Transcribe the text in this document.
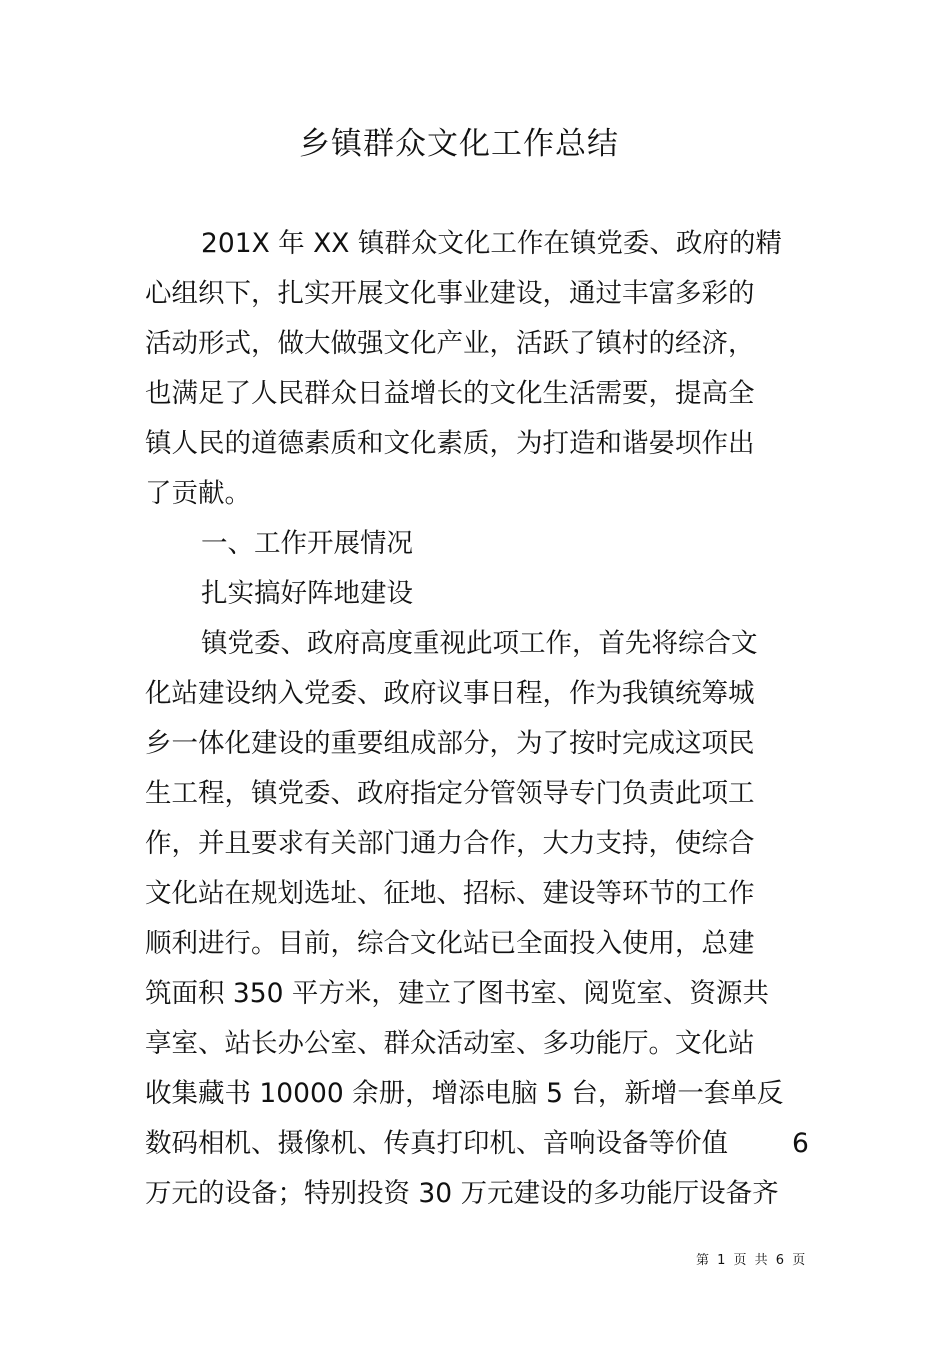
乡镇群众文化工作总结
201X 年 XX 镇群众文化工作在镇党委、政府的精
心组织下，扎实开展文化事业建设，通过丰富多彩的
活动形式，做大做强文化产业，活跃了镇村的经济，
也满足了人民群众日益增长的文化生活需要，提高全
镇人民的道德素质和文化素质，为打造和谐晏坝作出
了贡献。
一、工作开展情况
扎实搞好阵地建设
镇党委、政府高度重视此项工作，首先将综合文
化站建设纳入党委、政府议事日程，作为我镇统筹城
乡一体化建设的重要组成部分，为了按时完成这项民
生工程，镇党委、政府指定分管领导专门负责此项工
作，并且要求有关部门通力合作，大力支持，使综合
文化站在规划选址、征地、招标、建设等环节的工作
顺利进行。目前，综合文化站已全面投入使用，总建
筑面积 350 平方米，建立了图书室、阅览室、资源共
享室、站长办公室、群众活动室、多功能厅。文化站
收集藏书 10000 余册，增添电脑 5 台，新增一套单反
数码相机、摄像机、传真打印机、音响设备等价值 6
万元的设备；特别投资 30 万元建设的多功能厅设备齐
第 1 页 共 6 页
